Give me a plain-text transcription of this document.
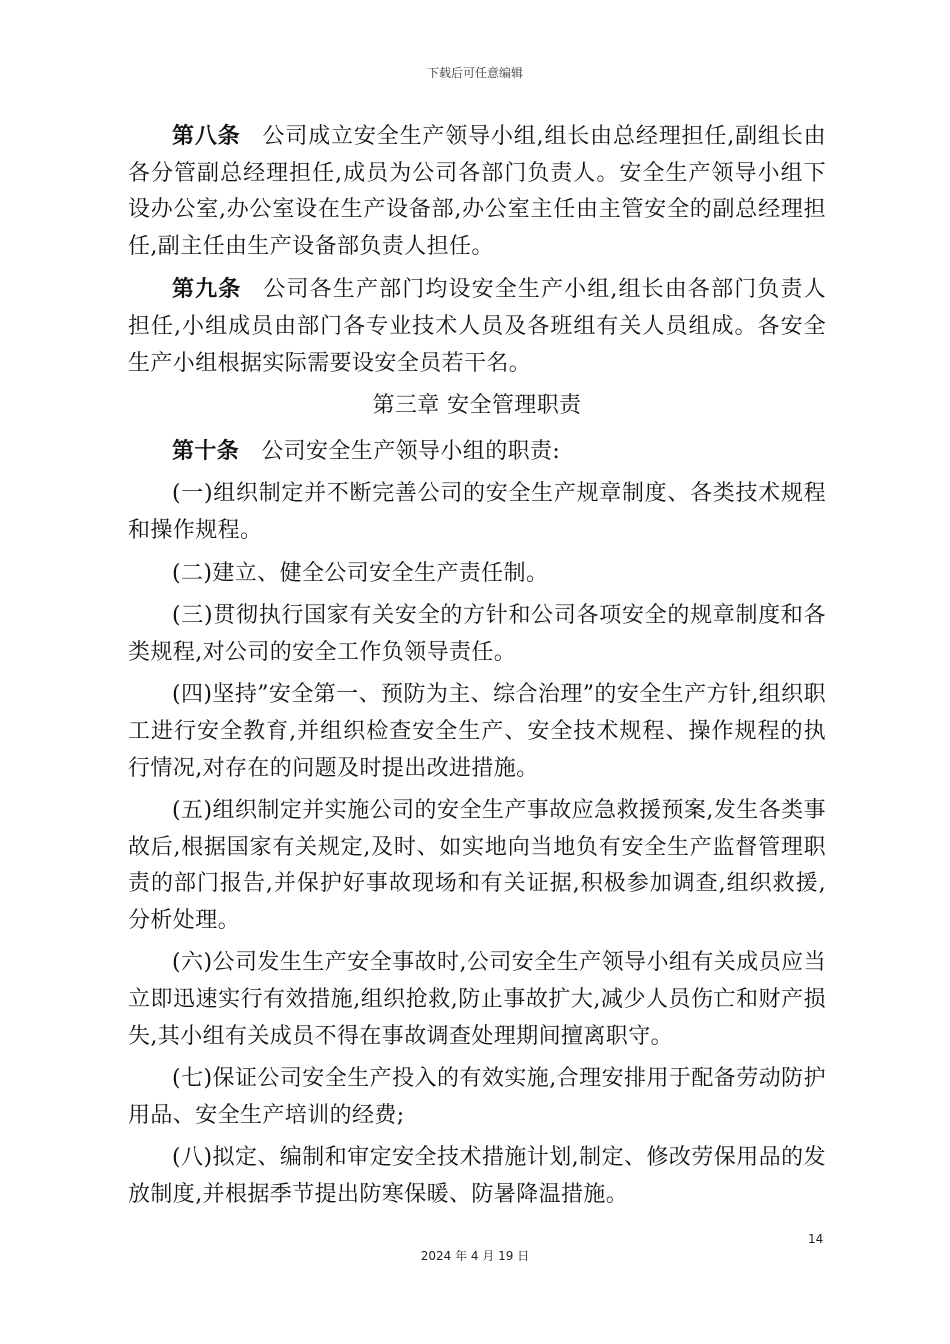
下载后可任意编辑

第八条 公司成立安全生产领导小组,组长由总经理担任,副组长由各分管副总经理担任,成员为公司各部门负责人。安全生产领导小组下设办公室,办公室设在生产设备部,办公室主任由主管安全的副总经理担任,副主任由生产设备部负责人担任。

第九条 公司各生产部门均设安全生产小组,组长由各部门负责人担任,小组成员由部门各专业技术人员及各班组有关人员组成。各安全生产小组根据实际需要设安全员若干名。

第三章 安全管理职责

第十条 公司安全生产领导小组的职责:

(一)组织制定并不断完善公司的安全生产规章制度、各类技术规程和操作规程。

(二)建立、健全公司安全生产责任制。

(三)贯彻执行国家有关安全的方针和公司各项安全的规章制度和各类规程,对公司的安全工作负领导责任。

(四)坚持”安全第一、预防为主、综合治理”的安全生产方针,组织职工进行安全教育,并组织检查安全生产、安全技术规程、操作规程的执行情况,对存在的问题及时提出改进措施。

(五)组织制定并实施公司的安全生产事故应急救援预案,发生各类事故后,根据国家有关规定,及时、如实地向当地负有安全生产监督管理职责的部门报告,并保护好事故现场和有关证据,积极参加调查,组织救援,分析处理。

(六)公司发生生产安全事故时,公司安全生产领导小组有关成员应当立即迅速实行有效措施,组织抢救,防止事故扩大,减少人员伤亡和财产损失,其小组有关成员不得在事故调查处理期间擅离职守。

(七)保证公司安全生产投入的有效实施,合理安排用于配备劳动防护用品、安全生产培训的经费;

(八)拟定、编制和审定安全技术措施计划,制定、修改劳保用品的发放制度,并根据季节提出防寒保暖、防暑降温措施。

14
2024 年 4 月 19 日
